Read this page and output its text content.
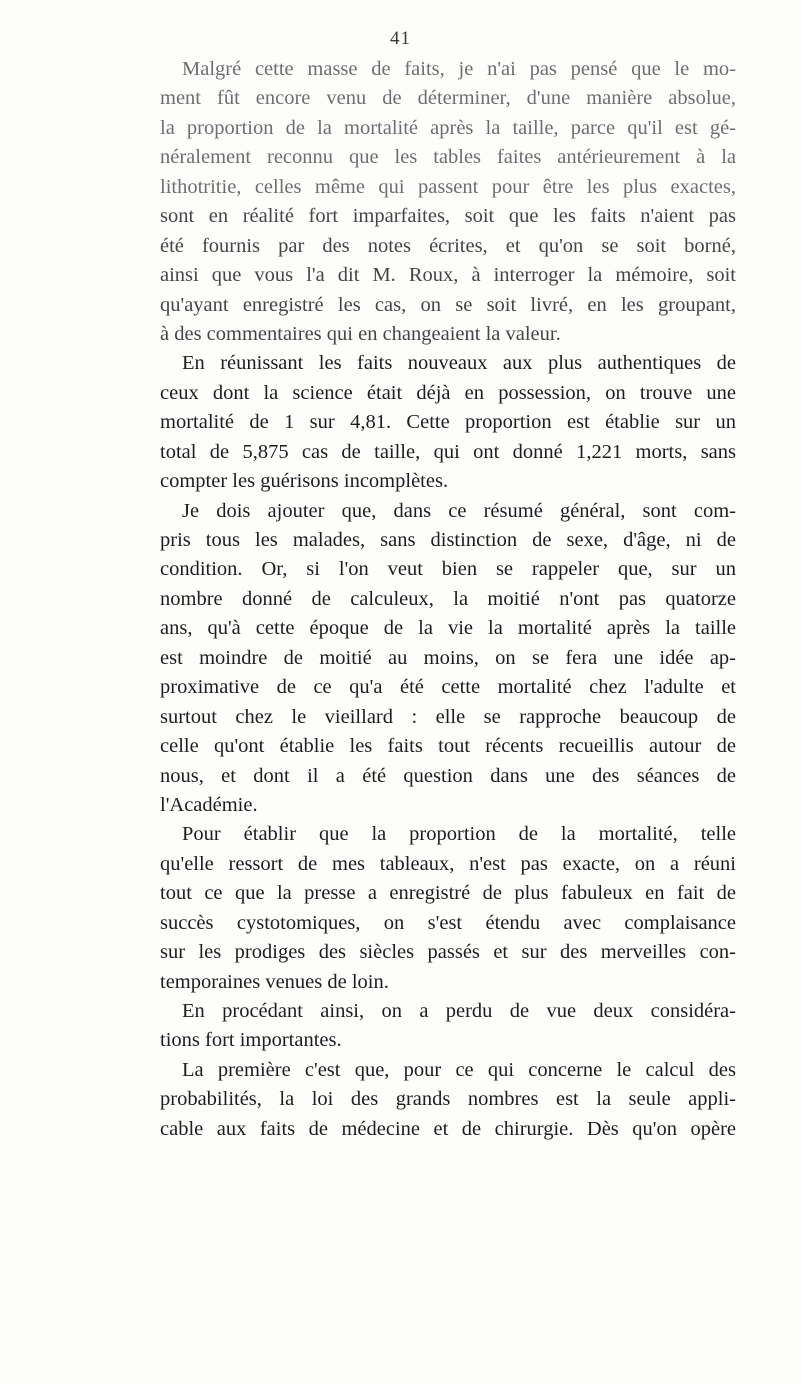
41
Malgré cette masse de faits, je n'ai pas pensé que le mo-
ment fût encore venu de déterminer, d'une manière absolue,
la proportion de la mortalité après la taille, parce qu'il est gé-
néralement reconnu que les tables faites antérieurement à la
lithotritie, celles même qui passent pour être les plus exactes,
sont en réalité fort imparfaites, soit que les faits n'aient pas
été fournis par des notes écrites, et qu'on se soit borné,
ainsi que vous l'a dit M. Roux, à interroger la mémoire, soit
qu'ayant enregistré les cas, on se soit livré, en les groupant,
à des commentaires qui en changeaient la valeur.
En réunissant les faits nouveaux aux plus authentiques de
ceux dont la science était déjà en possession, on trouve une
mortalité de 1 sur 4,81. Cette proportion est établie sur un
total de 5,875 cas de taille, qui ont donné 1,221 morts, sans
compter les guérisons incomplètes.
Je dois ajouter que, dans ce résumé général, sont com-
pris tous les malades, sans distinction de sexe, d'âge, ni de
condition. Or, si l'on veut bien se rappeler que, sur un
nombre donné de calculeux, la moitié n'ont pas quatorze
ans, qu'à cette époque de la vie la mortalité après la taille
est moindre de moitié au moins, on se fera une idée ap-
proximative de ce qu'a été cette mortalité chez l'adulte et
surtout chez le vieillard : elle se rapproche beaucoup de
celle qu'ont établie les faits tout récents recueillis autour de
nous, et dont il a été question dans une des séances de
l'Académie.
Pour établir que la proportion de la mortalité, telle
qu'elle ressort de mes tableaux, n'est pas exacte, on a réuni
tout ce que la presse a enregistré de plus fabuleux en fait de
succès cystotomiques, on s'est étendu avec complaisance
sur les prodiges des siècles passés et sur des merveilles con-
temporaines venues de loin.
En procédant ainsi, on a perdu de vue deux considéra-
tions fort importantes.
La première c'est que, pour ce qui concerne le calcul des
probabilités, la loi des grands nombres est la seule appli-
cable aux faits de médecine et de chirurgie. Dès qu'on opère
